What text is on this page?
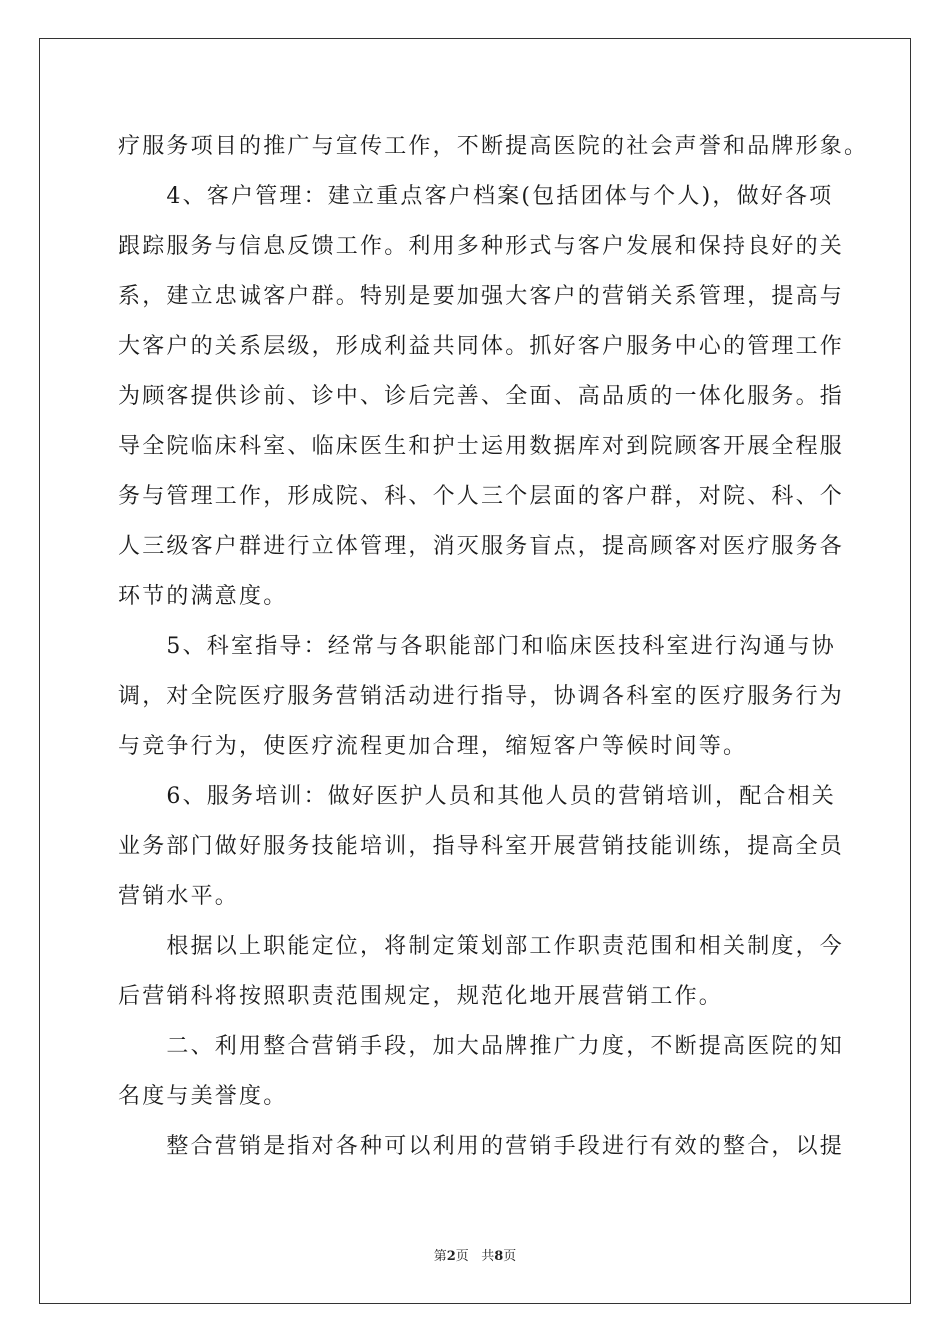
疗服务项目的推广与宣传工作，不断提高医院的社会声誉和品牌形象。
　　4、客户管理：建立重点客户档案(包括团体与个人)，做好各项
跟踪服务与信息反馈工作。利用多种形式与客户发展和保持良好的关
系，建立忠诚客户群。特别是要加强大客户的营销关系管理，提高与
大客户的关系层级，形成利益共同体。抓好客户服务中心的管理工作
为顾客提供诊前、诊中、诊后完善、全面、高品质的一体化服务。指
导全院临床科室、临床医生和护士运用数据库对到院顾客开展全程服
务与管理工作，形成院、科、个人三个层面的客户群，对院、科、个
人三级客户群进行立体管理，消灭服务盲点，提高顾客对医疗服务各
环节的满意度。
　　5、科室指导：经常与各职能部门和临床医技科室进行沟通与协
调，对全院医疗服务营销活动进行指导，协调各科室的医疗服务行为
与竞争行为，使医疗流程更加合理，缩短客户等候时间等。
　　6、服务培训：做好医护人员和其他人员的营销培训，配合相关
业务部门做好服务技能培训，指导科室开展营销技能训练，提高全员
营销水平。
　　根据以上职能定位，将制定策划部工作职责范围和相关制度，今
后营销科将按照职责范围规定，规范化地开展营销工作。
　　二、利用整合营销手段，加大品牌推广力度，不断提高医院的知
名度与美誉度。
　　整合营销是指对各种可以利用的营销手段进行有效的整合，以提
第2页 共8页
